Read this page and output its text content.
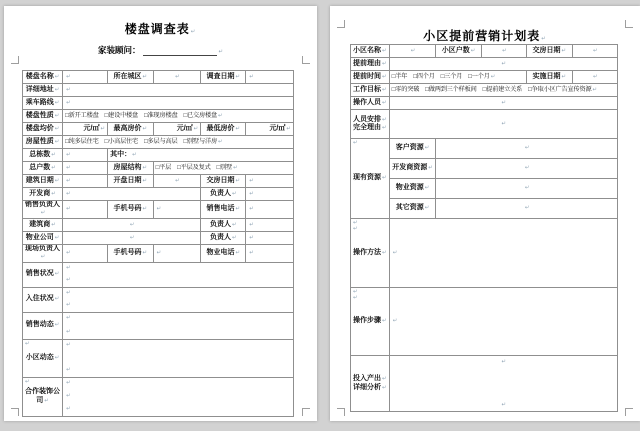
楼盘调查表↵
家装顾问：	↵
楼盘名称↵	↵	所在城区↵	↵	调查日期↵	↵
详细地址↵	↵				
乘车路线↵	↵				
楼盘性质↵	□新开工楼盘　□建设中楼盘　□准现房楼盘　□已交房楼盘↵				
楼盘均价↵	元/㎡↵	最高房价↵	元/㎡↵	最低房价↵	元/㎡↵
房屋性质↵	□纯多层住宅　□小高层住宅　□多层与高层　□别墅与洋房↵				
总栋数↵	↵	其中：↵			
总户数↵	↵	房屋结构↵	□平层　□平层及复式　□别墅↵		
建筑日期↵	↵	开盘日期↵	↵	交房日期↵	↵
开发商↵	↵			负责人↵	↵
销售负责人↵	↵	手机号码↵	↵	销售电话↵	↵
建筑商↵	↵			负责人↵	↵
物业公司↵	↵			负责人↵	↵
现场负责人↵	↵	手机号码↵	↵	物业电话↵	↵
销售状况↵	↵
↵				

入住状况↵	↵
↵				

销售动态↵	↵
↵				

↵
小区动态↵	↵
↵				

↵
合作装饰公司↵	↵
↵
↵				
小区提前营销计划表↵
小区名称↵	↵	小区户数↵	↵	交房日期↵	↵
提前理由↵	↵				
提前时间↵	□半年　□四个月　□三个月　□一个月↵			实施日期↵	↵
工作目标↵	□零的突破　□做两到三个样板间　□提前建立关系　□争取小区广告宣传资源↵				
操作人员↵	↵				
人员安排↵
完全理由↵	↵				

↵
现有资源↵	客户资源↵	↵			
	开发商资源↵	↵			
	物业资源↵	↵			
	其它资源↵	↵			

↵
↵
操作方法↵	↵				

↵
↵
操作步骤↵	↵				
投入产出↵
详细分析↵	↵
↵				
